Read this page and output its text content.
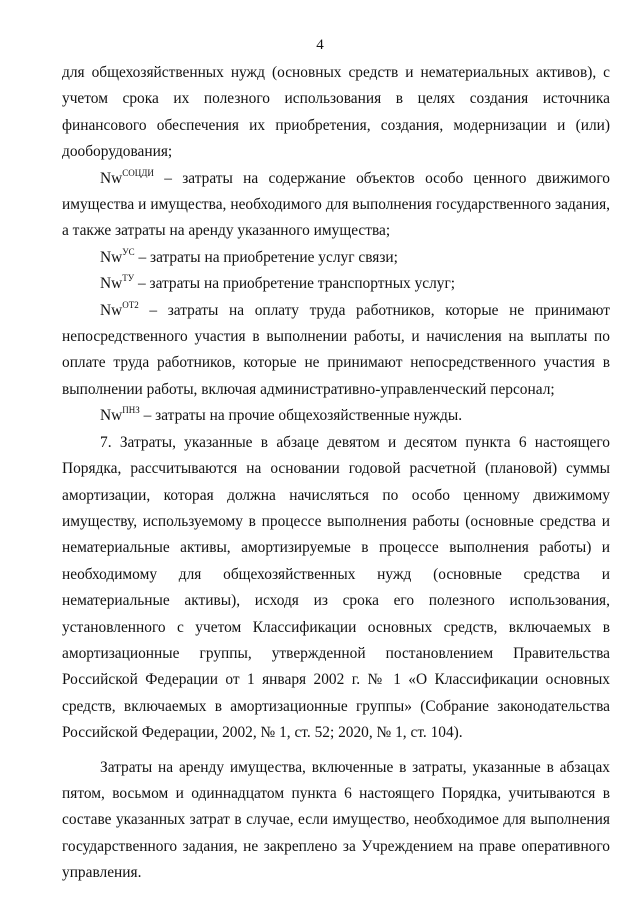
4

для общехозяйственных нужд (основных средств и нематериальных активов), с учетом срока их полезного использования в целях создания источника финансового обеспечения их приобретения, создания, модернизации и (или) дооборудования;

$Nw^{СОЦДИ}$ – затраты на содержание объектов особо ценного движимого имущества и имущества, необходимого для выполнения государственного задания, а также затраты на аренду указанного имущества;

$Nw^{УС}$ – затраты на приобретение услуг связи;

$Nw^{ТУ}$ – затраты на приобретение транспортных услуг;

$Nw^{ОТ2}$ – затраты на оплату труда работников, которые не принимают непосредственного участия в выполнении работы, и начисления на выплаты по оплате труда работников, которые не принимают непосредственного участия в выполнении работы, включая административно-управленческий персонал;

$Nw^{ПНЗ}$ – затраты на прочие общехозяйственные нужды.

7. Затраты, указанные в абзаце девятом и десятом пункта 6 настоящего Порядка, рассчитываются на основании годовой расчетной (плановой) суммы амортизации, которая должна начисляться по особо ценному движимому имуществу, используемому в процессе выполнения работы (основные средства и нематериальные активы, амортизируемые в процессе выполнения работы) и необходимому для общехозяйственных нужд (основные средства и нематериальные активы), исходя из срока его полезного использования, установленного с учетом Классификации основных средств, включаемых в амортизационные группы, утвержденной постановлением Правительства Российской Федерации от 1 января 2002 г. № 1 «О Классификации основных средств, включаемых в амортизационные группы» (Собрание законодательства Российской Федерации, 2002, № 1, ст. 52; 2020, № 1, ст. 104).

Затраты на аренду имущества, включенные в затраты, указанные в абзацах пятом, восьмом и одиннадцатом пункта 6 настоящего Порядка, учитываются в составе указанных затрат в случае, если имущество, необходимое для выполнения государственного задания, не закреплено за Учреждением на праве оперативного управления.
